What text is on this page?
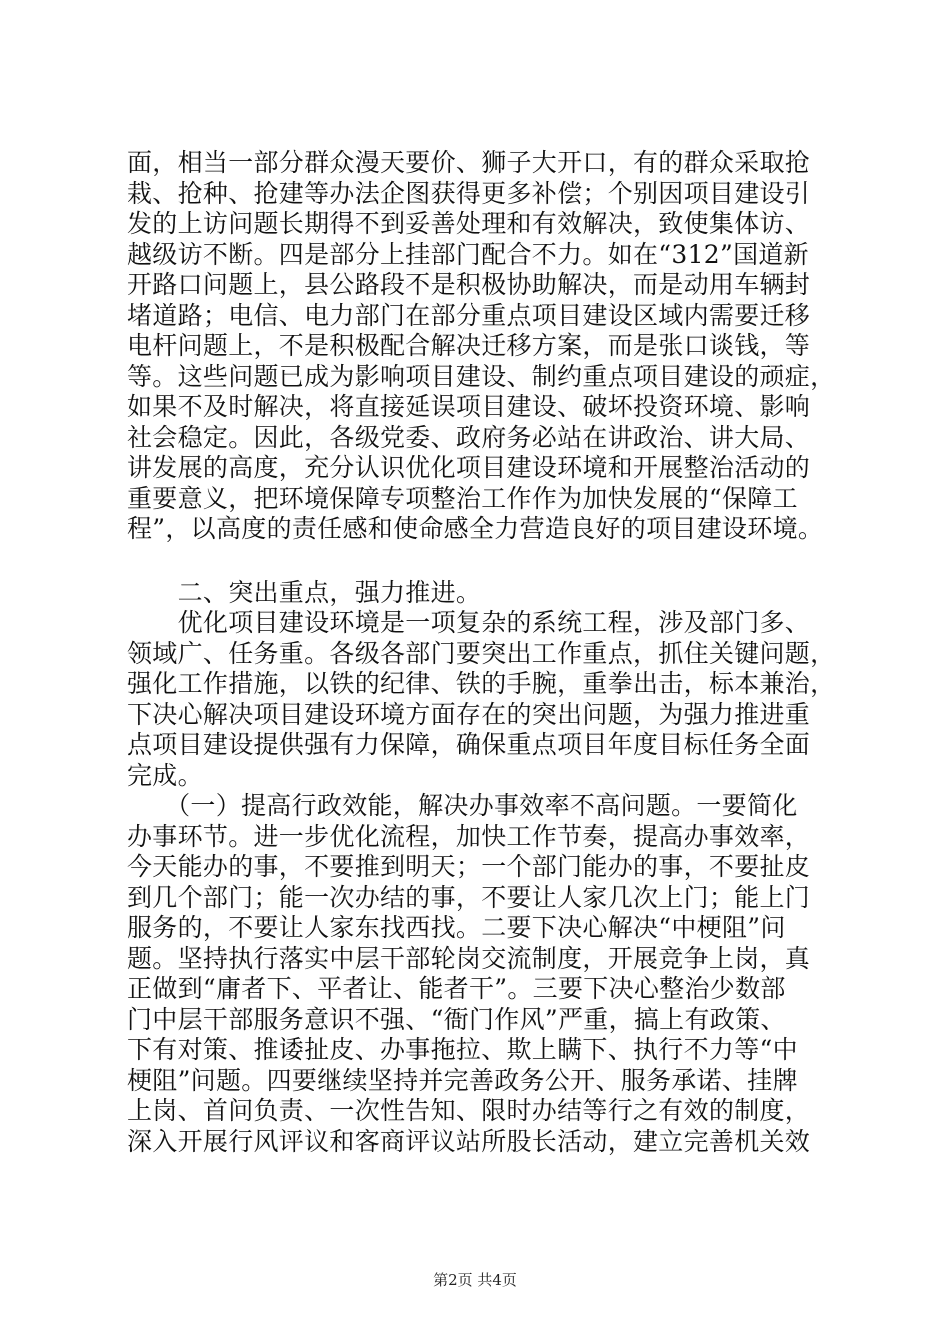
面，相当一部分群众漫天要价、狮子大开口，有的群众采取抢
栽、抢种、抢建等办法企图获得更多补偿；个别因项目建设引
发的上访问题长期得不到妥善处理和有效解决，致使集体访、
越级访不断。四是部分上挂部门配合不力。如在“312”国道新
开路口问题上，县公路段不是积极协助解决，而是动用车辆封
堵道路；电信、电力部门在部分重点项目建设区域内需要迁移
电杆问题上，不是积极配合解决迁移方案，而是张口谈钱，等
等。这些问题已成为影响项目建设、制约重点项目建设的顽症，
如果不及时解决，将直接延误项目建设、破坏投资环境、影响
社会稳定。因此，各级党委、政府务必站在讲政治、讲大局、
讲发展的高度，充分认识优化项目建设环境和开展整治活动的
重要意义，把环境保障专项整治工作作为加快发展的“保障工
程”，以高度的责任感和使命感全力营造良好的项目建设环境。
　　二、突出重点，强力推进。
　　优化项目建设环境是一项复杂的系统工程，涉及部门多、
领域广、任务重。各级各部门要突出工作重点，抓住关键问题，
强化工作措施，以铁的纪律、铁的手腕，重拳出击，标本兼治，
下决心解决项目建设环境方面存在的突出问题，为强力推进重
点项目建设提供强有力保障，确保重点项目年度目标任务全面
完成。
　　（一）提高行政效能，解决办事效率不高问题。一要简化
办事环节。进一步优化流程，加快工作节奏，提高办事效率，
今天能办的事，不要推到明天；一个部门能办的事，不要扯皮
到几个部门；能一次办结的事，不要让人家几次上门；能上门
服务的，不要让人家东找西找。二要下决心解决“中梗阻”问
题。坚持执行落实中层干部轮岗交流制度，开展竞争上岗，真
正做到“庸者下、平者让、能者干”。三要下决心整治少数部
门中层干部服务意识不强、“衙门作风”严重，搞上有政策、
下有对策、推诿扯皮、办事拖拉、欺上瞒下、执行不力等“中
梗阻”问题。四要继续坚持并完善政务公开、服务承诺、挂牌
上岗、首问负责、一次性告知、限时办结等行之有效的制度，
深入开展行风评议和客商评议站所股长活动，建立完善机关效
第2页 共4页
